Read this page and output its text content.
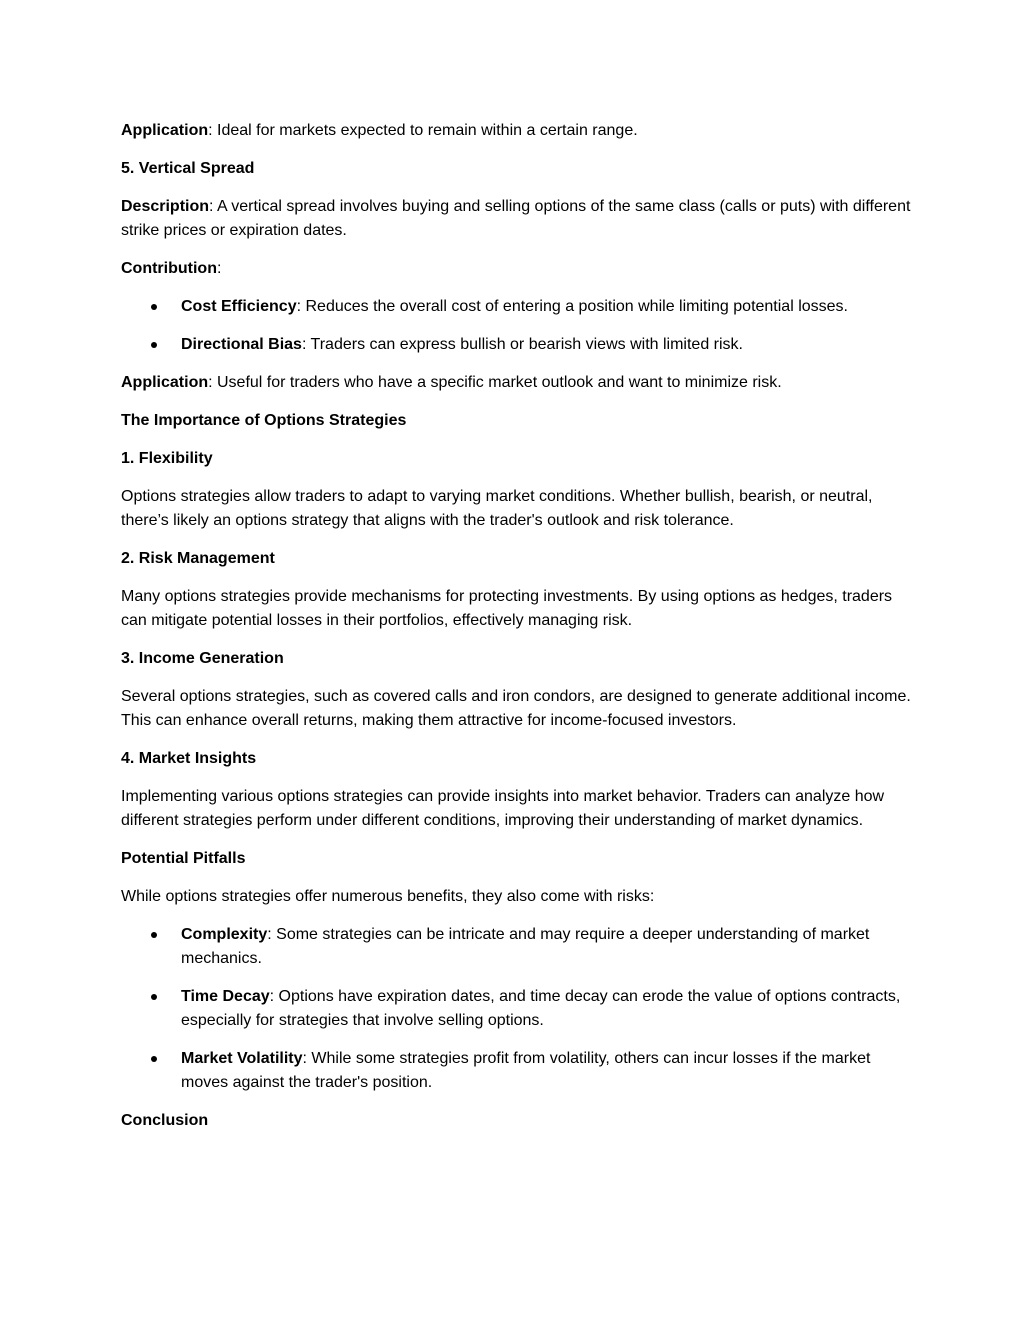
Application: Ideal for markets expected to remain within a certain range.
5. Vertical Spread
Description: A vertical spread involves buying and selling options of the same class (calls or puts) with different strike prices or expiration dates.
Contribution:
Cost Efficiency: Reduces the overall cost of entering a position while limiting potential losses.
Directional Bias: Traders can express bullish or bearish views with limited risk.
Application: Useful for traders who have a specific market outlook and want to minimize risk.
The Importance of Options Strategies
1. Flexibility
Options strategies allow traders to adapt to varying market conditions. Whether bullish, bearish, or neutral, there’s likely an options strategy that aligns with the trader's outlook and risk tolerance.
2. Risk Management
Many options strategies provide mechanisms for protecting investments. By using options as hedges, traders can mitigate potential losses in their portfolios, effectively managing risk.
3. Income Generation
Several options strategies, such as covered calls and iron condors, are designed to generate additional income. This can enhance overall returns, making them attractive for income-focused investors.
4. Market Insights
Implementing various options strategies can provide insights into market behavior. Traders can analyze how different strategies perform under different conditions, improving their understanding of market dynamics.
Potential Pitfalls
While options strategies offer numerous benefits, they also come with risks:
Complexity: Some strategies can be intricate and may require a deeper understanding of market mechanics.
Time Decay: Options have expiration dates, and time decay can erode the value of options contracts, especially for strategies that involve selling options.
Market Volatility: While some strategies profit from volatility, others can incur losses if the market moves against the trader's position.
Conclusion
